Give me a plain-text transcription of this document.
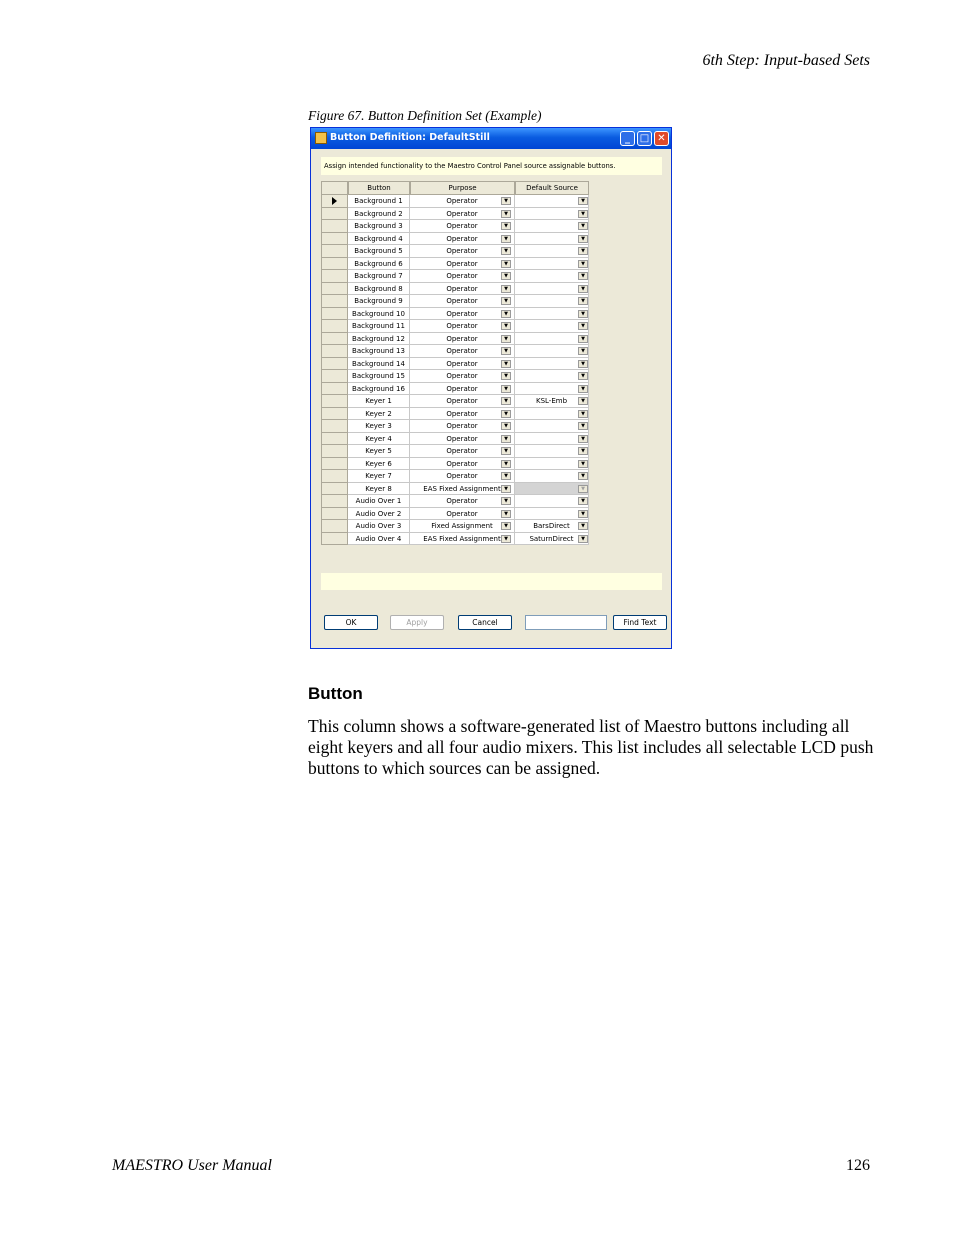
6th Step: Input-based Sets
Figure 67. Button Definition Set (Example)
Button Definition: DefaultStill	_ □ ✕
Assign intended functionality to the Maestro Control Panel source assignable buttons.
Button	Purpose	Default Source
Background 1	Operator	▼	▼
Background 2	Operator	▼	▼
Background 3	Operator	▼	▼
Background 4	Operator	▼	▼
Background 5	Operator	▼	▼
Background 6	Operator	▼	▼
Background 7	Operator	▼	▼
Background 8	Operator	▼	▼
Background 9	Operator	▼	▼
Background 10	Operator	▼	▼
Background 11	Operator	▼	▼
Background 12	Operator	▼	▼
Background 13	Operator	▼	▼
Background 14	Operator	▼	▼
Background 15	Operator	▼	▼
Background 16	Operator	▼	▼
Keyer 1	Operator	▼	KSL-Emb	▼
Keyer 2	Operator	▼	▼
Keyer 3	Operator	▼	▼
Keyer 4	Operator	▼	▼
Keyer 5	Operator	▼	▼
Keyer 6	Operator	▼	▼
Keyer 7	Operator	▼	▼
Keyer 8	EAS Fixed Assignment ▼	▼
Audio Over 1	Operator	▼	▼
Audio Over 2	Operator	▼	▼
Audio Over 3	Fixed Assignment	▼	BarsDirect	▼
Audio Over 4	EAS Fixed Assignment ▼	SaturnDirect	▼
OK	Apply	Cancel	Find Text
Button
This column shows a software-generated list of Maestro buttons including all eight keyers and all four audio mixers. This list includes all selectable LCD push buttons to which sources can be assigned.
MAESTRO User Manual	126
